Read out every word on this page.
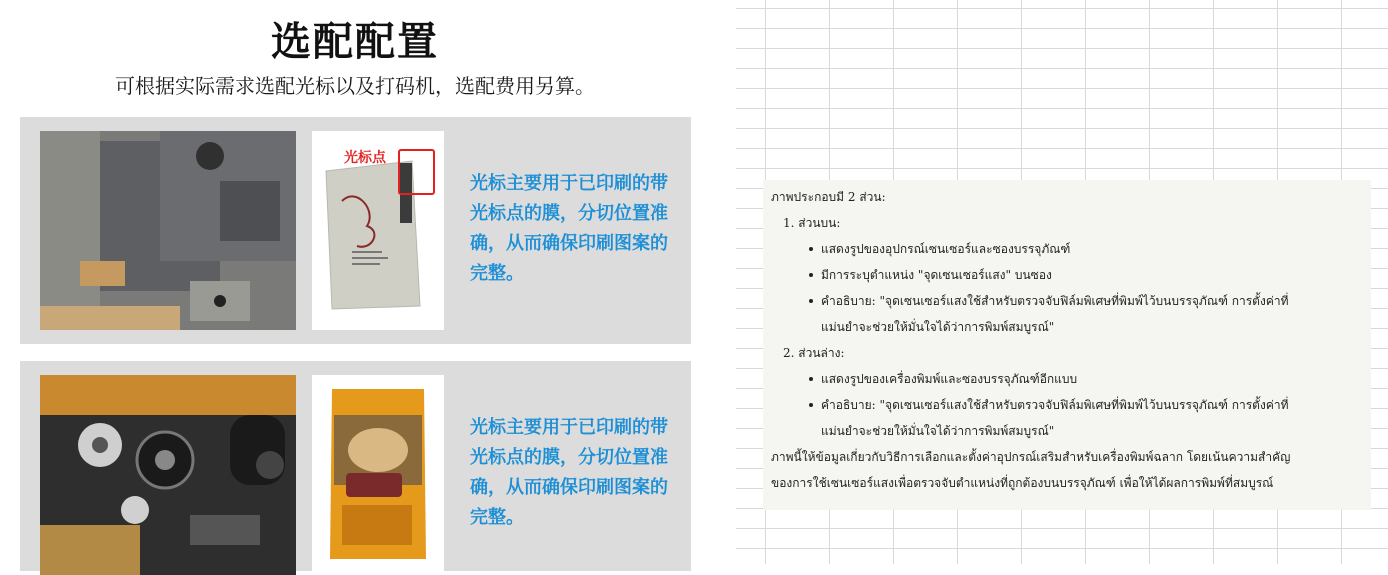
选配配置
可根据实际需求选配光标以及打码机，选配费用另算。
光标点
光标主要用于已印刷的带光标点的膜，分切位置准确，从而确保印刷图案的完整。
光标主要用于已印刷的带光标点的膜，分切位置准确，从而确保印刷图案的完整。
ภาพประกอบมี 2 ส่วน:
1. ส่วนบน:
แสดงรูปของอุปกรณ์เซนเซอร์และซองบรรจุภัณฑ์
มีการระบุตำแหน่ง "จุดเซนเซอร์แสง" บนซอง
คำอธิบาย: "จุดเซนเซอร์แสงใช้สำหรับตรวจจับฟิล์มพิเศษที่พิมพ์ไว้บนบรรจุภัณฑ์ การตั้งค่าที่
แม่นยำจะช่วยให้มั่นใจได้ว่าการพิมพ์สมบูรณ์"
2. ส่วนล่าง:
แสดงรูปของเครื่องพิมพ์และซองบรรจุภัณฑ์อีกแบบ
คำอธิบาย: "จุดเซนเซอร์แสงใช้สำหรับตรวจจับฟิล์มพิเศษที่พิมพ์ไว้บนบรรจุภัณฑ์ การตั้งค่าที่
แม่นยำจะช่วยให้มั่นใจได้ว่าการพิมพ์สมบูรณ์"
ภาพนี้ให้ข้อมูลเกี่ยวกับวิธีการเลือกและตั้งค่าอุปกรณ์เสริมสำหรับเครื่องพิมพ์ฉลาก โดยเน้นความสำคัญ
ของการใช้เซนเซอร์แสงเพื่อตรวจจับตำแหน่งที่ถูกต้องบนบรรจุภัณฑ์ เพื่อให้ได้ผลการพิมพ์ที่สมบูรณ์
